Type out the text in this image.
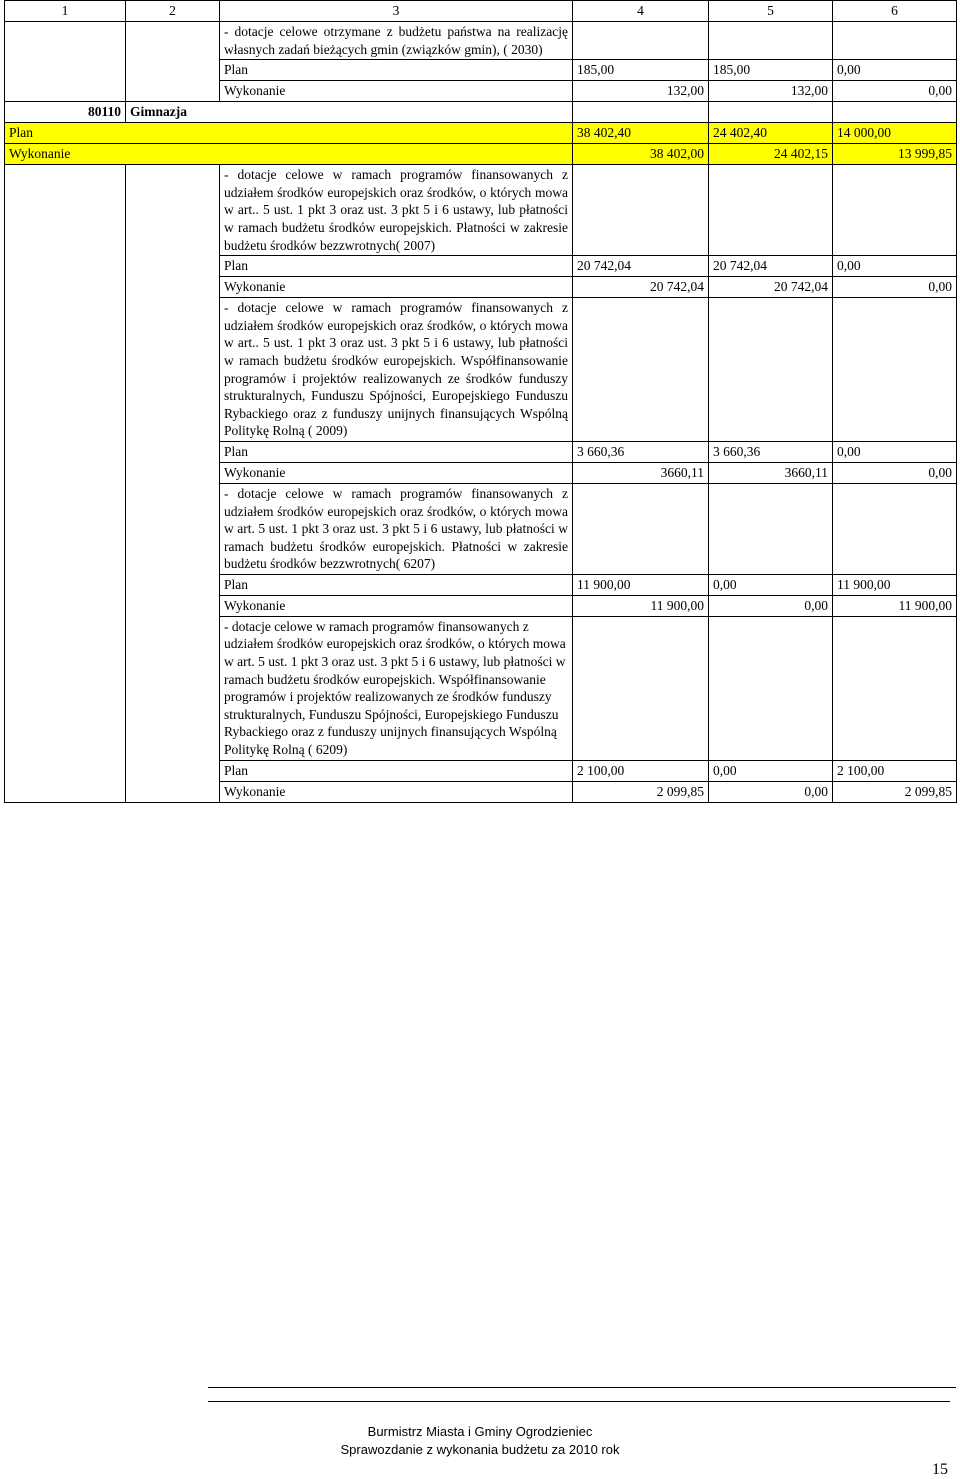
1	2	3	4	5	6
		- dotacje celowe otrzymane z budżetu państwa na realizację własnych zadań bieżących gmin (związków gmin), ( 2030)			
		Plan	185,00	185,00	0,00
		Wykonanie	132,00	132,00	0,00
80110	Gimnazja				
Plan			38 402,40	24 402,40	14 000,00
Wykonanie			38 402,00	24 402,15	13 999,85
		- dotacje celowe w ramach programów finansowanych z udziałem środków europejskich oraz środków, o których mowa w art.. 5 ust. 1 pkt 3 oraz ust. 3 pkt 5 i 6 ustawy, lub płatności w ramach budżetu środków europejskich. Płatności w zakresie budżetu środków bezzwrotnych( 2007)			
		Plan	20 742,04	20 742,04	0,00
		Wykonanie	20 742,04	20 742,04	0,00
		- dotacje celowe w ramach programów finansowanych z udziałem środków europejskich oraz środków, o których mowa w art.. 5 ust. 1 pkt 3 oraz ust. 3 pkt 5 i 6 ustawy, lub płatności w ramach budżetu środków europejskich. Współfinansowanie programów i projektów realizowanych ze środków funduszy strukturalnych, Funduszu Spójności, Europejskiego Funduszu Rybackiego oraz z funduszy unijnych finansujących Wspólną Politykę Rolną ( 2009)			
		Plan	3 660,36	3 660,36	0,00
		Wykonanie	3660,11	3660,11	0,00
		- dotacje celowe w ramach programów finansowanych z udziałem środków europejskich oraz środków, o których mowa w art. 5 ust. 1 pkt 3 oraz ust. 3 pkt 5 i 6 ustawy, lub płatności w ramach budżetu środków europejskich. Płatności w zakresie budżetu środków bezzwrotnych( 6207)			
		Plan	11 900,00	0,00	11 900,00
		Wykonanie	11 900,00	0,00	11 900,00
		- dotacje celowe w ramach programów finansowanych z udziałem środków europejskich oraz środków, o których mowa w art. 5 ust. 1 pkt 3 oraz ust. 3 pkt 5 i 6 ustawy, lub płatności w ramach budżetu środków europejskich. Współfinansowanie programów i projektów realizowanych ze środków funduszy strukturalnych, Funduszu Spójności, Europejskiego Funduszu Rybackiego oraz z funduszy unijnych finansujących Wspólną Politykę Rolną ( 6209)			
		Plan	2 100,00	0,00	2 100,00
		Wykonanie	2 099,85	0,00	2 099,85
Burmistrz Miasta i Gminy Ogrodzieniec
Sprawozdanie z wykonania budżetu za 2010 rok
15
